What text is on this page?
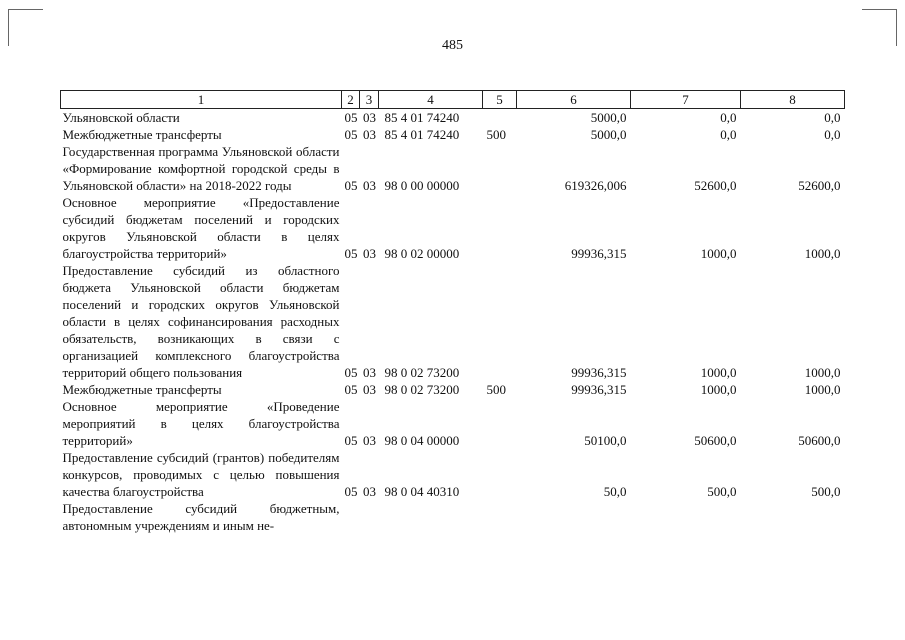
485
1	2	3	4	5	6	7	8
Ульяновской области	05	03	85 4 01 74240		5000,0	0,0	0,0
Межбюджетные трансферты	05	03	85 4 01 74240	500	5000,0	0,0	0,0
Государственная программа Ульяновской области «Формирование комфортной городской среды в Ульяновской области» на 2018-2022 годы	05	03	98 0 00 00000		619326,006	52600,0	52600,0
Основное мероприятие «Предоставление субсидий бюджетам поселений и городских округов Ульяновской области в целях благоустройства территорий»	05	03	98 0 02 00000		99936,315	1000,0	1000,0
Предоставление субсидий из областного бюджета Ульяновской области бюджетам поселений и городских округов Ульяновской области в целях софинансирования расходных обязательств, возникающих в связи с организацией комплексного благоустройства территорий общего пользования	05	03	98 0 02 73200		99936,315	1000,0	1000,0
Межбюджетные трансферты	05	03	98 0 02 73200	500	99936,315	1000,0	1000,0
Основное мероприятие «Проведение мероприятий в целях благоустройства территорий»	05	03	98 0 04 00000		50100,0	50600,0	50600,0
Предоставление субсидий (грантов) победителям конкурсов, проводимых с целью повышения качества благоустройства	05	03	98 0 04 40310		50,0	500,0	500,0
Предоставление субсидий бюджетным, автономным учреждениям и иным не-							
